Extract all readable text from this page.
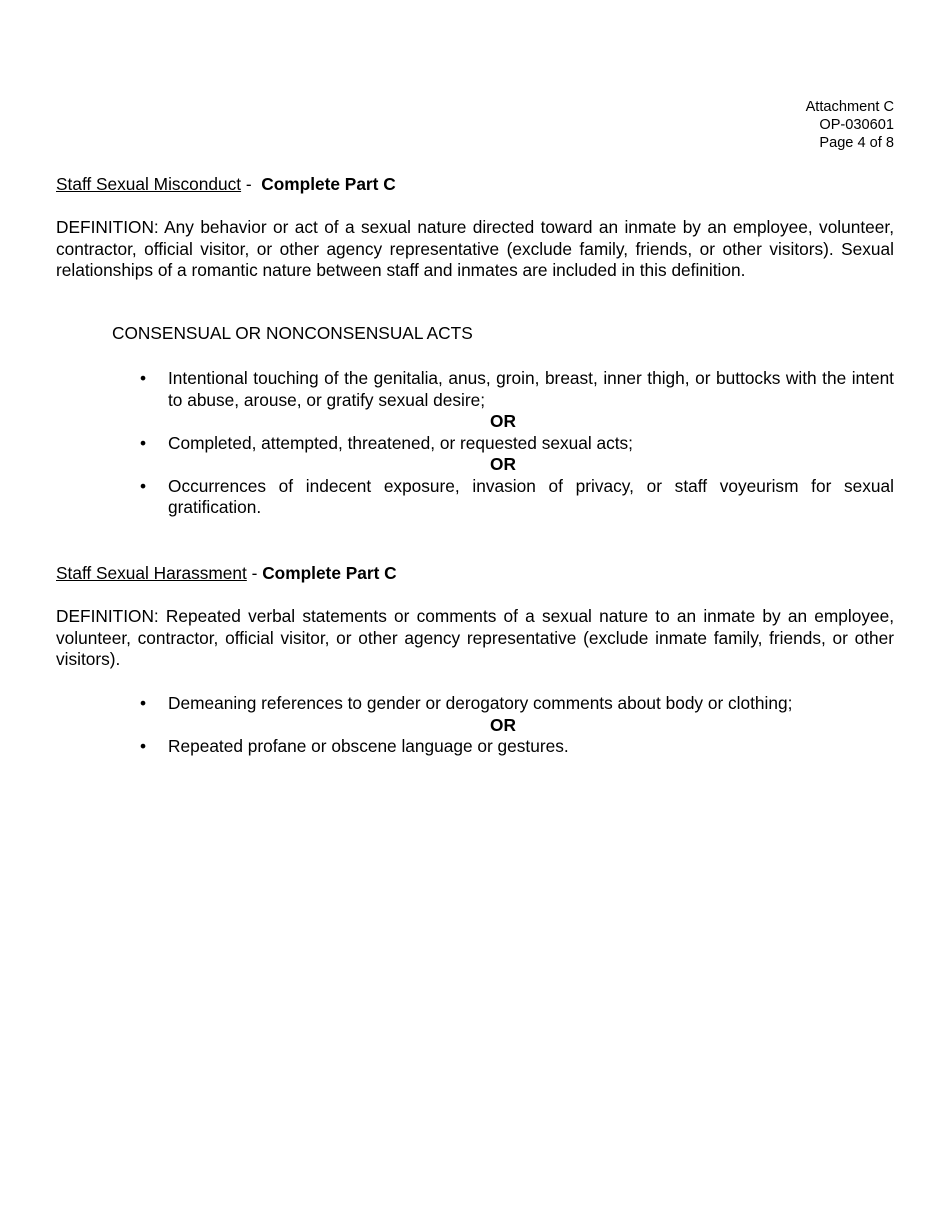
Attachment C
OP-030601
Page 4 of 8
Staff Sexual Misconduct -  Complete Part C
DEFINITION: Any behavior or act of a sexual nature directed toward an inmate by an employee, volunteer, contractor, official visitor, or other agency representative (exclude family, friends, or other visitors). Sexual relationships of a romantic nature between staff and inmates are included in this definition.
CONSENSUAL OR NONCONSENSUAL ACTS
• Intentional touching of the genitalia, anus, groin, breast, inner thigh, or buttocks with the intent to abuse, arouse, or gratify sexual desire;
OR
• Completed, attempted, threatened, or requested sexual acts;
OR
• Occurrences of indecent exposure, invasion of privacy, or staff voyeurism for sexual gratification.
Staff Sexual Harassment - Complete Part C
DEFINITION: Repeated verbal statements or comments of a sexual nature to an inmate by an employee, volunteer, contractor, official visitor, or other agency representative (exclude inmate family, friends, or other visitors).
• Demeaning references to gender or derogatory comments about body or clothing;
OR
• Repeated profane or obscene language or gestures.
